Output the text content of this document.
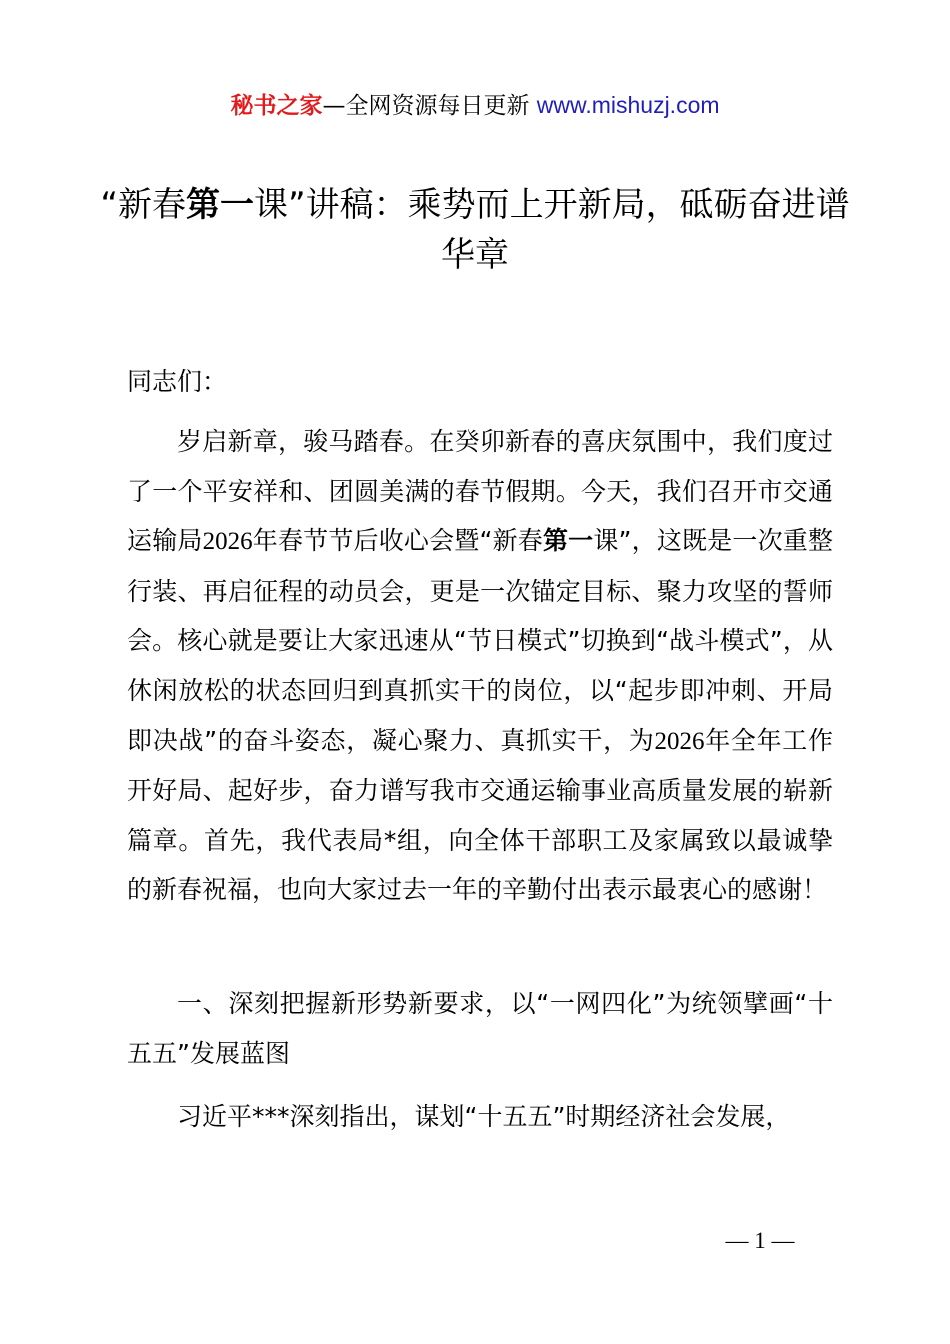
秘书之家—全网资源每日更新 www.mishuzj.com
“新春第一课”讲稿：乘势而上开新局，砥砺奋进谱华章

同志们：

岁启新章，骏马踏春。在癸卯新春的喜庆氛围中，我们度过了一个平安祥和、团圆美满的春节假期。今天，我们召开市交通运输局2026年春节节后收心会暨“新春第一课”，这既是一次重整行装、再启征程的动员会，更是一次锚定目标、聚力攻坚的誓师会。核心就是要让大家迅速从“节日模式”切换到“战斗模式”，从休闲放松的状态回归到真抓实干的岗位，以“起步即冲刺、开局即决战”的奋斗姿态，凝心聚力、真抓实干，为2026年全年工作开好局、起好步，奋力谱写我市交通运输事业高质量发展的崭新篇章。首先，我代表局*组，向全体干部职工及家属致以最诚挚的新春祝福，也向大家过去一年的辛勤付出表示最衷心的感谢！

一、深刻把握新形势新要求，以“一网四化”为统领擘画“十五五”发展蓝图

习近平***深刻指出，谋划“十五五”时期经济社会发展，

— 1 —
